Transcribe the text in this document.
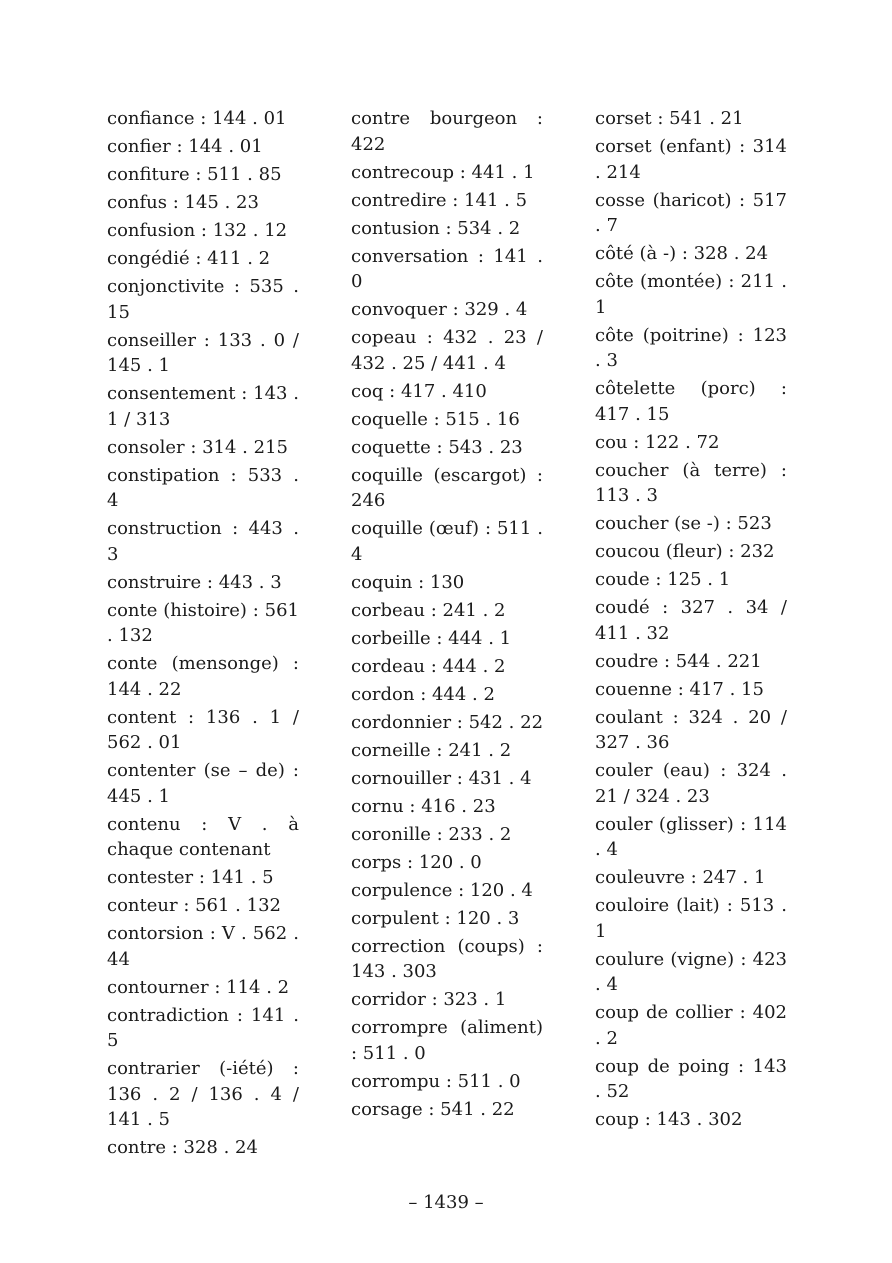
confiance : 144 . 01
confier : 144 . 01
confiture : 511 . 85
confus : 145 . 23
confusion : 132 . 12
congédié : 411 . 2
conjonctivite : 535 . 15
conseiller : 133 . 0 / 145 . 1
consentement : 143 . 1 / 313
consoler : 314 . 215
constipation : 533 . 4
construction : 443 . 3
construire : 443 . 3
conte (histoire) : 561 . 132
conte (mensonge) : 144 . 22
content : 136 . 1 / 562 . 01
contenter (se – de) : 445 . 1
contenu : V . à chaque contenant
contester : 141 . 5
conteur : 561 . 132
contorsion : V . 562 . 44
contourner : 114 . 2
contradiction : 141 . 5
contrarier (-iété) : 136 . 2 / 136 . 4 / 141 . 5
contre : 328 . 24
contre bourgeon : 422
contrecoup : 441 . 1
contredire : 141 . 5
contusion : 534 . 2
conversation : 141 . 0
convoquer : 329 . 4
copeau : 432 . 23 / 432 . 25 / 441 . 4
coq : 417 . 410
coquelle : 515 . 16
coquette : 543 . 23
coquille (escargot) : 246
coquille (œuf) : 511 . 4
coquin : 130
corbeau : 241 . 2
corbeille : 444 . 1
cordeau : 444 . 2
cordon : 444 . 2
cordonnier : 542 . 22
corneille : 241 . 2
cornouiller : 431 . 4
cornu : 416 . 23
coronille : 233 . 2
corps : 120 . 0
corpulence : 120 . 4
corpulent : 120 . 3
correction (coups) : 143 . 303
corridor : 323 . 1
corrompre (aliment) : 511 . 0
corrompu : 511 . 0
corsage : 541 . 22
corset : 541 . 21
corset (enfant) : 314 . 214
cosse (haricot) : 517 . 7
côté (à -) : 328 . 24
côte (montée) : 211 . 1
côte (poitrine) : 123 . 3
côtelette (porc) : 417 . 15
cou : 122 . 72
coucher (à terre) : 113 . 3
coucher (se -) : 523
coucou (fleur) : 232
coude : 125 . 1
coudé : 327 . 34 / 411 . 32
coudre : 544 . 221
couenne : 417 . 15
coulant : 324 . 20 / 327 . 36
couler (eau) : 324 . 21 / 324 . 23
couler (glisser) : 114 . 4
couleuvre : 247 . 1
couloire (lait) : 513 . 1
coulure (vigne) : 423 . 4
coup de collier : 402 . 2
coup de poing : 143 . 52
coup : 143 . 302
– 1439 –
